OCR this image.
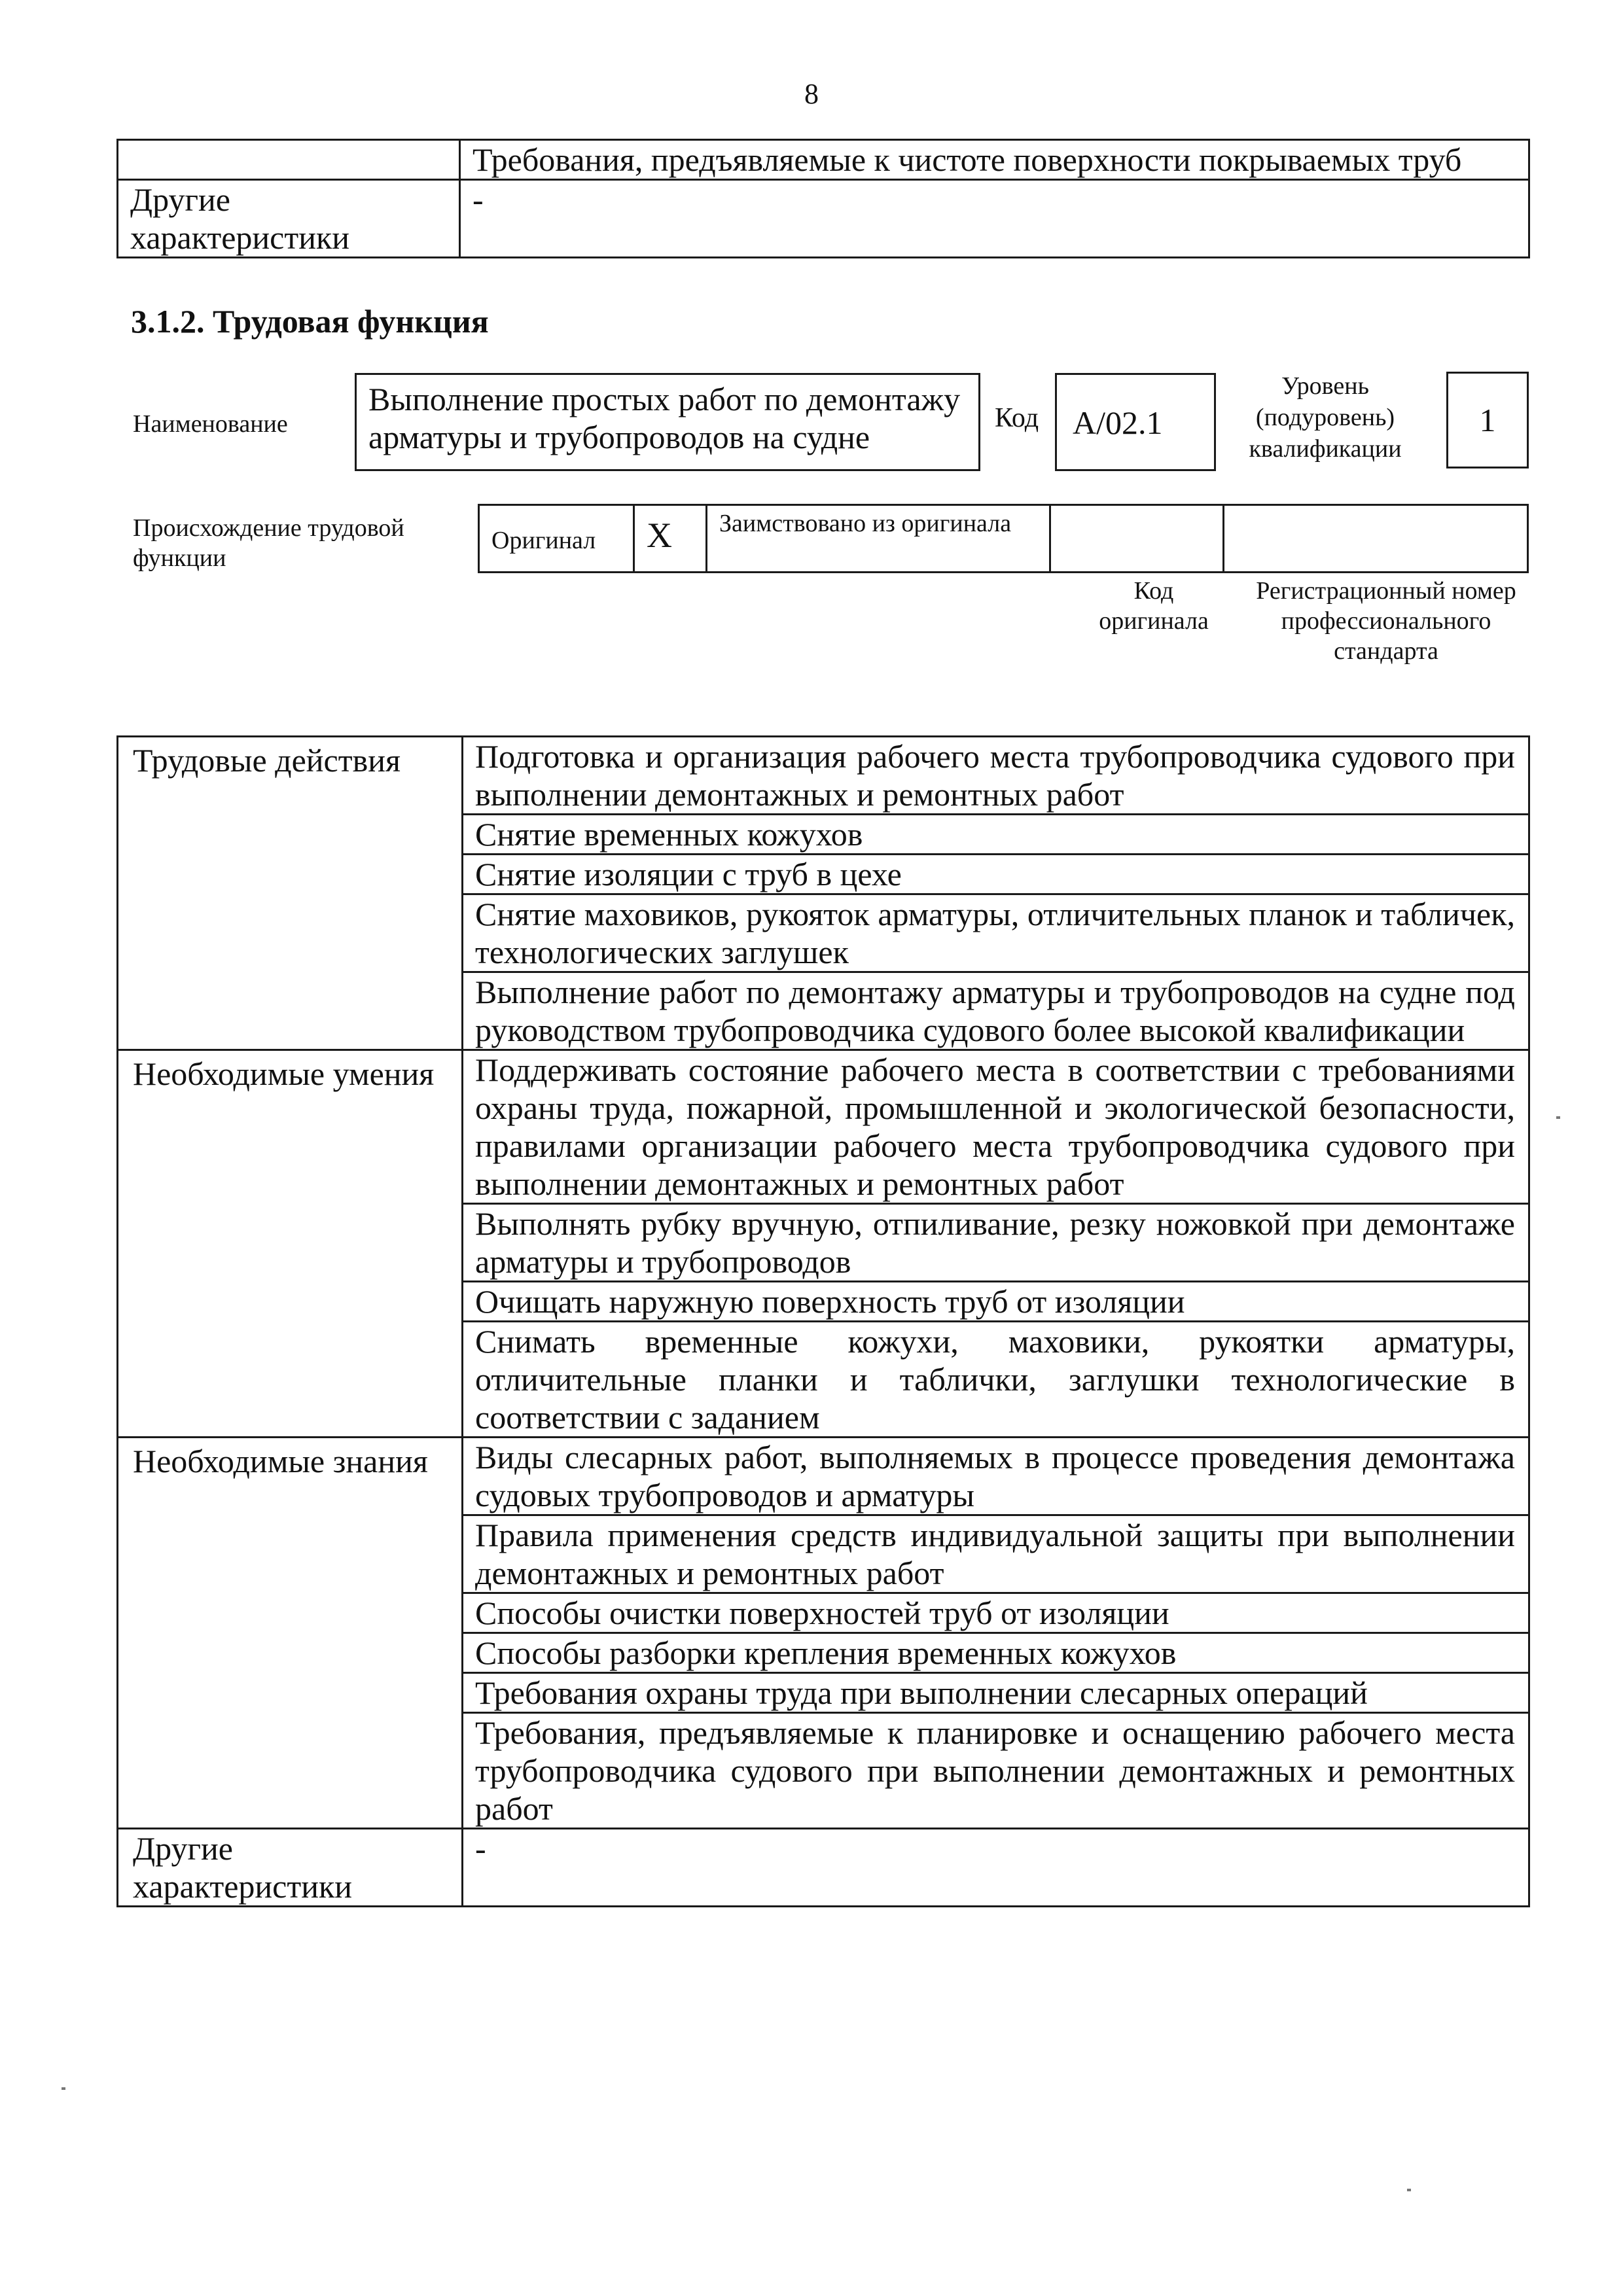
8
	Требования, предъявляемые к чистоте поверхности покрываемых труб
Другие характеристики	-
3.1.2. Трудовая функция
Наименование
Выполнение простых работ по демонтажу арматуры и трубопроводов на судне
Код	А/02.1
Уровень (подуровень) квалификации
1
Происхождение трудовой функции
Оригинал	X	Заимствовано из оригинала		
Код оригинала
Регистрационный номер профессионального стандарта
Трудовые действия	Подготовка и организация рабочего места трубопроводчика судового при выполнении демонтажных и ремонтных работ
	Снятие временных кожухов
	Снятие изоляции с труб в цехе
	Снятие маховиков, рукояток арматуры, отличительных планок и табличек, технологических заглушек
	Выполнение работ по демонтажу арматуры и трубопроводов на судне под руководством трубопроводчика судового более высокой квалификации
Необходимые умения	Поддерживать состояние рабочего места в соответствии с требованиями охраны труда, пожарной, промышленной и экологической безопасности, правилами организации рабочего места трубопроводчика судового при выполнении демонтажных и ремонтных работ
	Выполнять рубку вручную, отпиливание, резку ножовкой при демонтаже арматуры и трубопроводов
	Очищать наружную поверхность труб от изоляции
	Снимать временные кожухи, маховики, рукоятки арматуры, отличительные планки и таблички, заглушки технологические в соответствии с заданием
Необходимые знания	Виды слесарных работ, выполняемых в процессе проведения демонтажа судовых трубопроводов и арматуры
	Правила применения средств индивидуальной защиты при выполнении демонтажных и ремонтных работ
	Способы очистки поверхностей труб от изоляции
	Способы разборки крепления временных кожухов
	Требования охраны труда при выполнении слесарных операций
	Требования, предъявляемые к планировке и оснащению рабочего места трубопроводчика судового при выполнении демонтажных и ремонтных работ
Другие характеристики	-
